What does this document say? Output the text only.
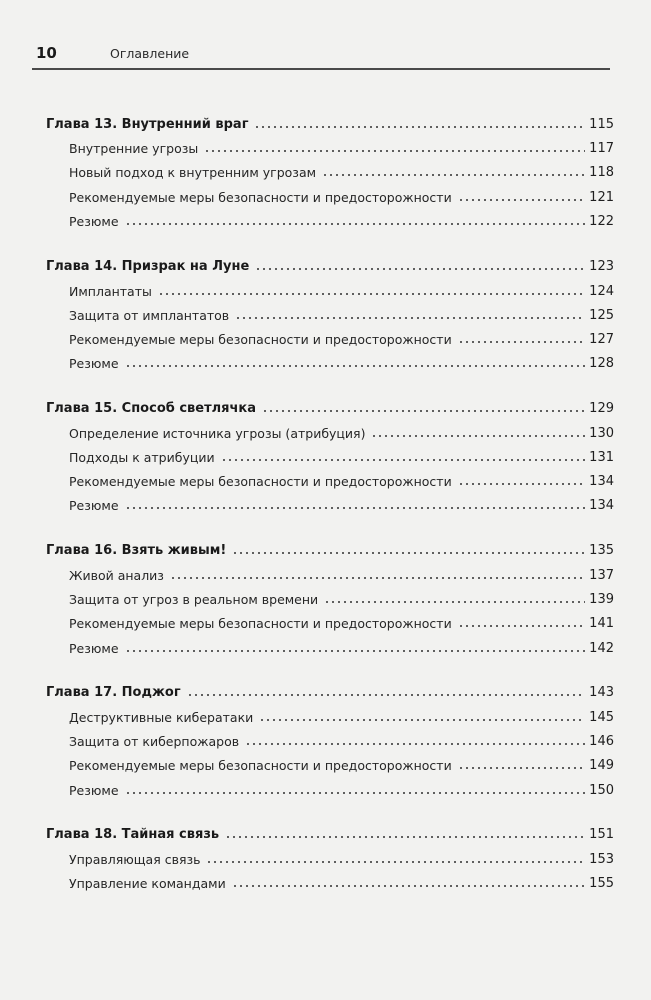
10	Оглавление
Глава 13. Внутренний враг	115
Внутренние угрозы	117
Новый подход к внутренним угрозам	118
Рекомендуемые меры безопасности и предосторожности	121
Резюме	122
Глава 14. Призрак на Луне	123
Имплантаты	124
Защита от имплантатов	125
Рекомендуемые меры безопасности и предосторожности	127
Резюме	128
Глава 15. Способ светлячка	129
Определение источника угрозы (атрибуция)	130
Подходы к атрибуции	131
Рекомендуемые меры безопасности и предосторожности	134
Резюме	134
Глава 16. Взять живым!	135
Живой анализ	137
Защита от угроз в реальном времени	139
Рекомендуемые меры безопасности и предосторожности	141
Резюме	142
Глава 17. Поджог	143
Деструктивные кибератаки	145
Защита от киберпожаров	146
Рекомендуемые меры безопасности и предосторожности	149
Резюме	150
Глава 18. Тайная связь	151
Управляющая связь	153
Управление командами	155
